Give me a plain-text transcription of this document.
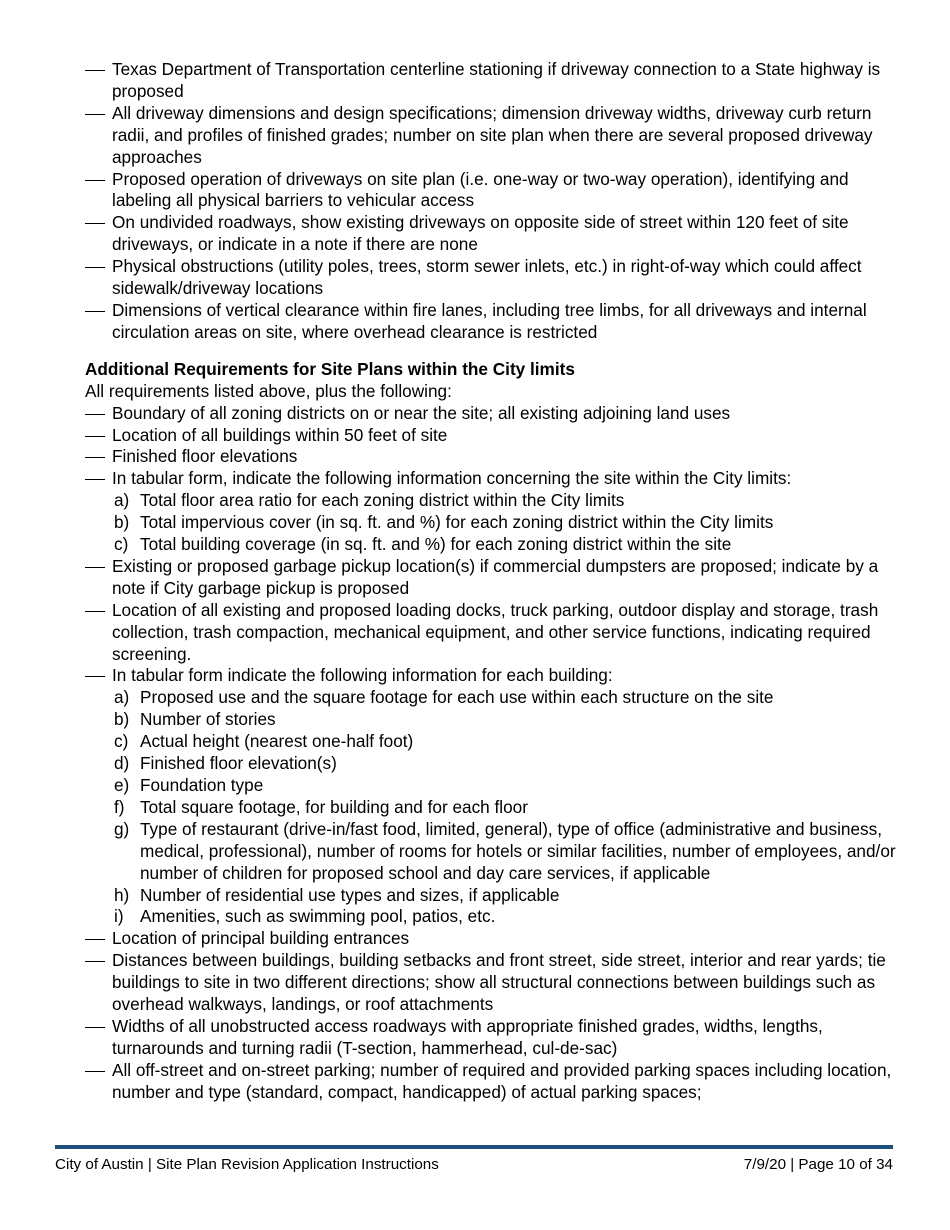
Texas Department of Transportation centerline stationing if driveway connection to a State highway is proposed
All driveway dimensions and design specifications; dimension driveway widths, driveway curb return radii, and profiles of finished grades; number on site plan when there are several proposed driveway approaches
Proposed operation of driveways on site plan (i.e. one-way or two-way operation), identifying and labeling all physical barriers to vehicular access
On undivided roadways, show existing driveways on opposite side of street within 120 feet of site driveways, or indicate in a note if there are none
Physical obstructions (utility poles, trees, storm sewer inlets, etc.) in right-of-way which could affect sidewalk/driveway locations
Dimensions of vertical clearance within fire lanes, including tree limbs, for all driveways and internal circulation areas on site, where overhead clearance is restricted
Additional Requirements for Site Plans within the City limits
All requirements listed above, plus the following:
Boundary of all zoning districts on or near the site; all existing adjoining land uses
Location of all buildings within 50 feet of site
Finished floor elevations
In tabular form, indicate the following information concerning the site within the City limits:
a) Total floor area ratio for each zoning district within the City limits
b) Total impervious cover (in sq. ft. and %) for each zoning district within the City limits
c) Total building coverage (in sq. ft. and %) for each zoning district within the site
Existing or proposed garbage pickup location(s) if commercial dumpsters are proposed; indicate by a note if City garbage pickup is proposed
Location of all existing and proposed loading docks, truck parking, outdoor display and storage, trash collection, trash compaction, mechanical equipment, and other service functions, indicating required screening.
In tabular form indicate the following information for each building:
a) Proposed use and the square footage for each use within each structure on the site
b) Number of stories
c) Actual height (nearest one-half foot)
d) Finished floor elevation(s)
e) Foundation type
f) Total square footage, for building and for each floor
g) Type of restaurant (drive-in/fast food, limited, general), type of office (administrative and business, medical, professional), number of rooms for hotels or similar facilities, number of employees, and/or number of children for proposed school and day care services, if applicable
h) Number of residential use types and sizes, if applicable
i) Amenities, such as swimming pool, patios, etc.
Location of principal building entrances
Distances between buildings, building setbacks and front street, side street, interior and rear yards; tie buildings to site in two different directions; show all structural connections between buildings such as overhead walkways, landings, or roof attachments
Widths of all unobstructed access roadways with appropriate finished grades, widths, lengths, turnarounds and turning radii (T-section, hammerhead, cul-de-sac)
All off-street and on-street parking; number of required and provided parking spaces including location, number and type (standard, compact, handicapped) of actual parking spaces;
City of Austin | Site Plan Revision Application Instructions	7/9/20 | Page 10 of 34
